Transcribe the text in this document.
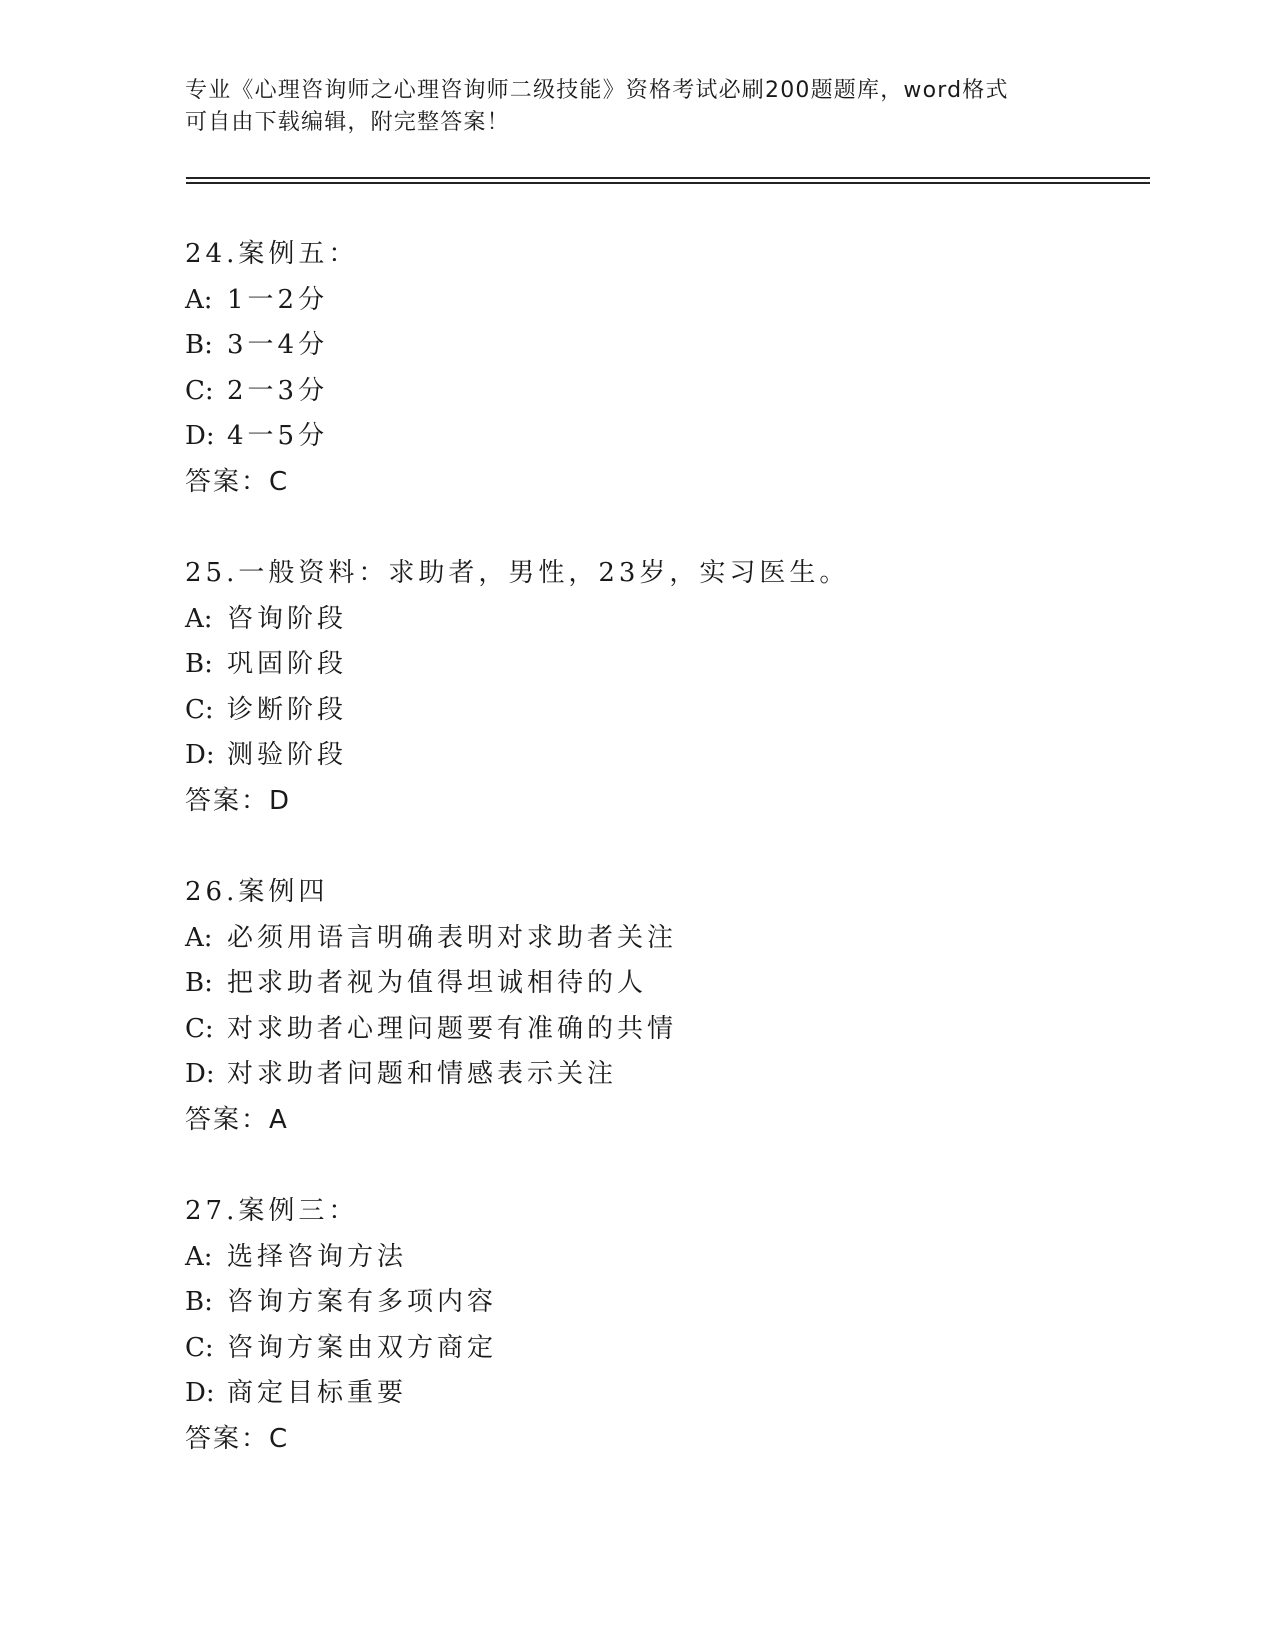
专业《心理咨询师之心理咨询师二级技能》资格考试必刷200题题库，word格式
可自由下载编辑，附完整答案！
24.案例五：
A: 1一2分
B: 3一4分
C: 2一3分
D: 4一5分
答案：C
25.一般资料：求助者，男性，23岁，实习医生。
A: 咨询阶段
B: 巩固阶段
C: 诊断阶段
D: 测验阶段
答案：D
26.案例四
A: 必须用语言明确表明对求助者关注
B: 把求助者视为值得坦诚相待的人
C: 对求助者心理问题要有准确的共情
D: 对求助者问题和情感表示关注
答案：A
27.案例三：
A: 选择咨询方法
B: 咨询方案有多项内容
C: 咨询方案由双方商定
D: 商定目标重要
答案：C
